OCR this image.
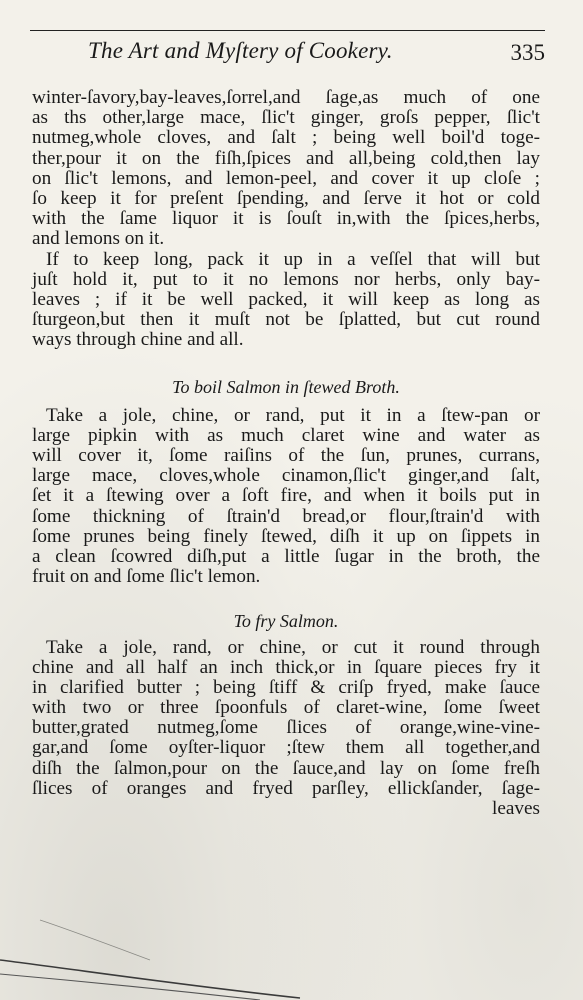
The Art and Myſtery of Cookery.	335
winter-ſavory,bay-leaves,ſorrel,and ſage,as much of one
as ths other,large mace, ſlic't ginger, groſs pepper, ſlic't
nutmeg,whole cloves, and ſalt ; being well boil'd toge-
ther,pour it on the fiſh,ſpices and all,being cold,then lay
on ſlic't lemons, and lemon-peel, and cover it up cloſe ;
ſo keep it for preſent ſpending, and ſerve it hot or cold
with the ſame liquor it is ſouſt in,with the ſpices,herbs,
and lemons on it.
If to keep long, pack it up in a veſſel that will but
juſt hold it, put to it no lemons nor herbs, only bay-
leaves ; if it be well packed, it will keep as long as
ſturgeon,but then it muſt not be ſplatted, but cut round
ways through chine and all.
To boil Salmon in ſtewed Broth.
Take a jole, chine, or rand, put it in a ſtew-pan or
large pipkin with as much claret wine and water as
will cover it, ſome raiſins of the ſun, prunes, currans,
large mace, cloves,whole cinamon,ſlic't ginger,and ſalt,
ſet it a ſtewing over a ſoft fire, and when it boils put in
ſome thickning of ſtrain'd bread,or flour,ſtrain'd with
ſome prunes being finely ſtewed, diſh it up on ſippets in
a clean ſcowred diſh,put a little ſugar in the broth, the
fruit on and ſome ſlic't lemon.
To fry Salmon.
Take a jole, rand, or chine, or cut it round through
chine and all half an inch thick,or in ſquare pieces fry it
in clarified butter ; being ſtiff & criſp fryed, make ſauce
with two or three ſpoonfuls of claret-wine, ſome ſweet
butter,grated nutmeg,ſome ſlices of orange,wine-vine-
gar,and ſome oyſter-liquor ;ſtew them all together,and
diſh the ſalmon,pour on the ſauce,and lay on ſome freſh
ſlices of oranges and fryed parſley, ellickſander, ſage-
leaves
